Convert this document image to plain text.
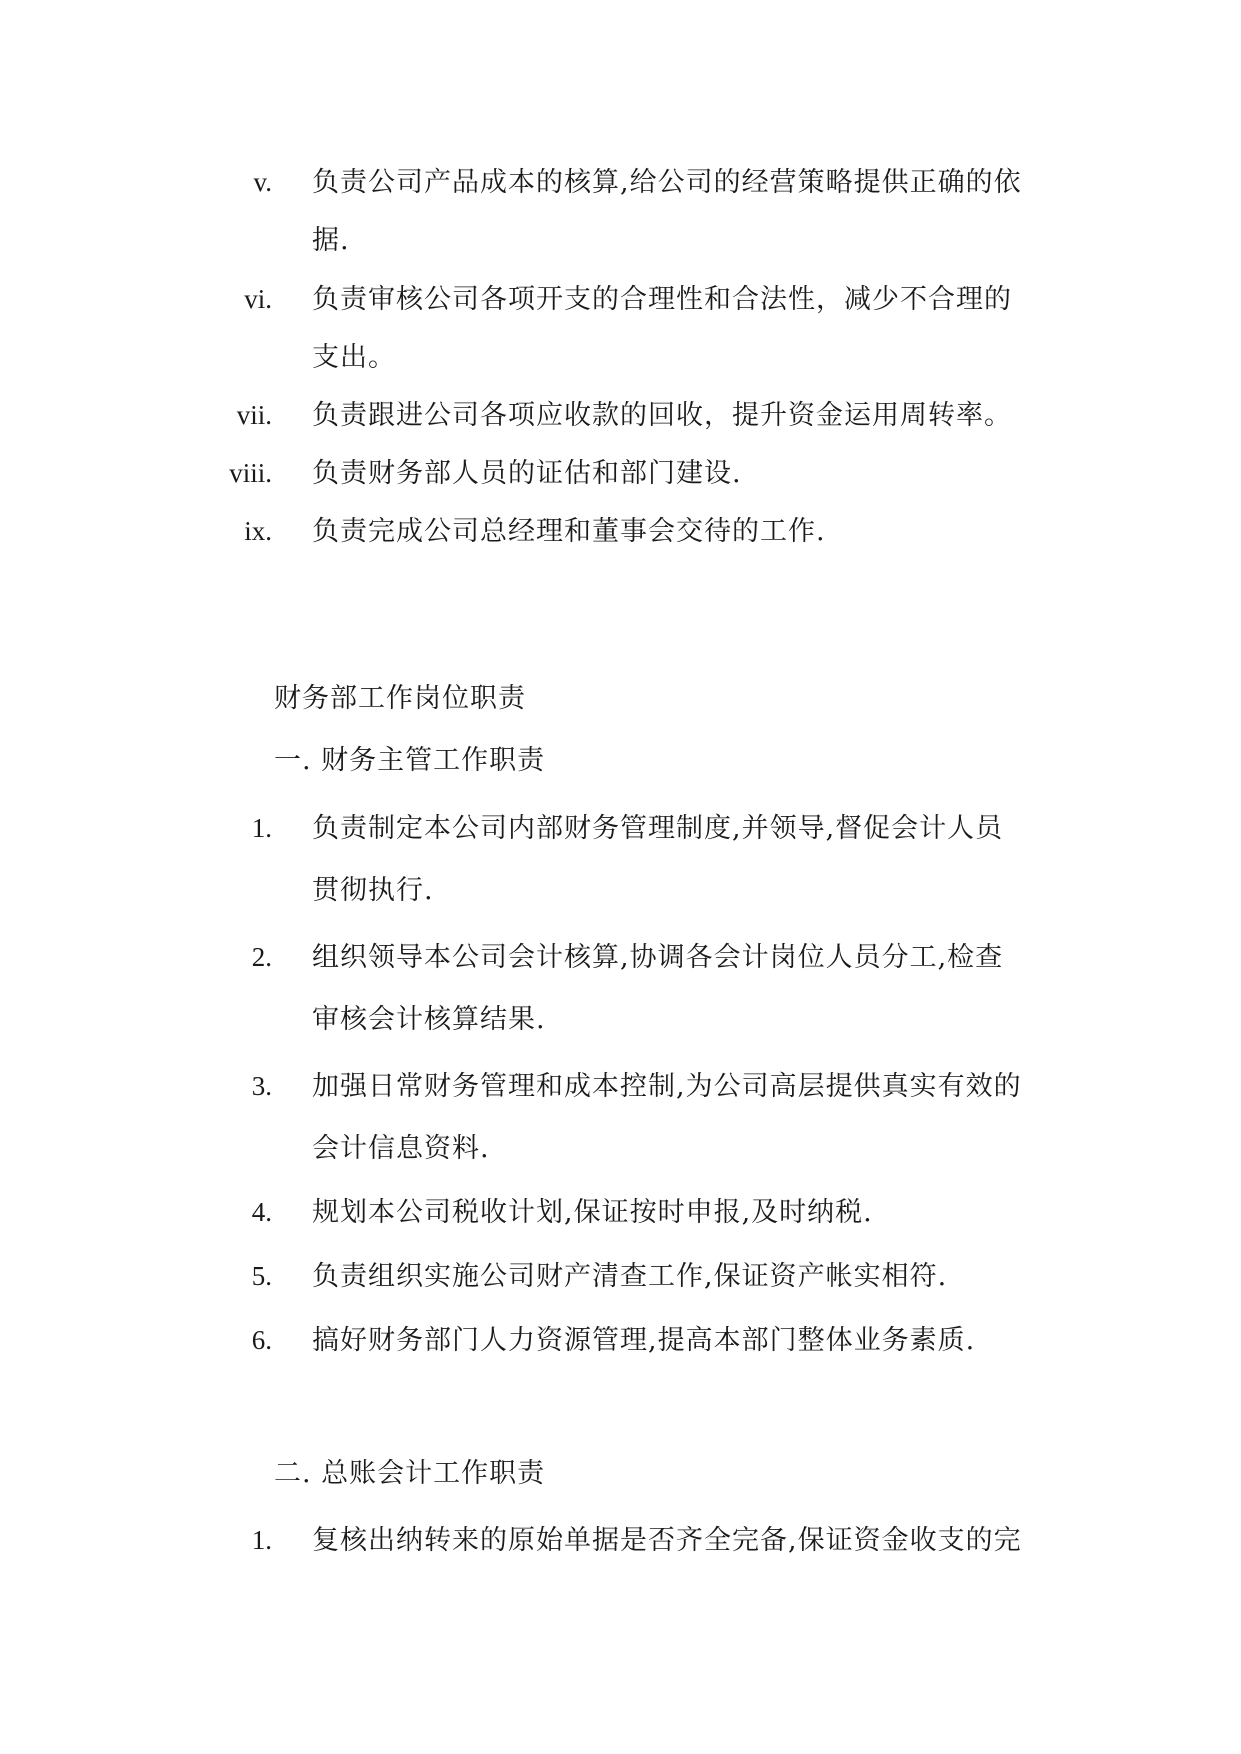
v. 负责公司产品成本的核算,给公司的经营策略提供正确的依
据.
vi. 负责审核公司各项开支的合理性和合法性，减少不合理的
支出。
vii. 负责跟进公司各项应收款的回收，提升资金运用周转率。
viii. 负责财务部人员的证估和部门建设.
ix. 负责完成公司总经理和董事会交待的工作.
财务部工作岗位职责
一. 财务主管工作职责
1. 负责制定本公司内部财务管理制度,并领导,督促会计人员
贯彻执行.
2. 组织领导本公司会计核算,协调各会计岗位人员分工,检查
审核会计核算结果.
3. 加强日常财务管理和成本控制,为公司高层提供真实有效的
会计信息资料.
4. 规划本公司税收计划,保证按时申报,及时纳税.
5. 负责组织实施公司财产清查工作,保证资产帐实相符.
6. 搞好财务部门人力资源管理,提高本部门整体业务素质.
二. 总账会计工作职责
1. 复核出纳转来的原始单据是否齐全完备,保证资金收支的完
